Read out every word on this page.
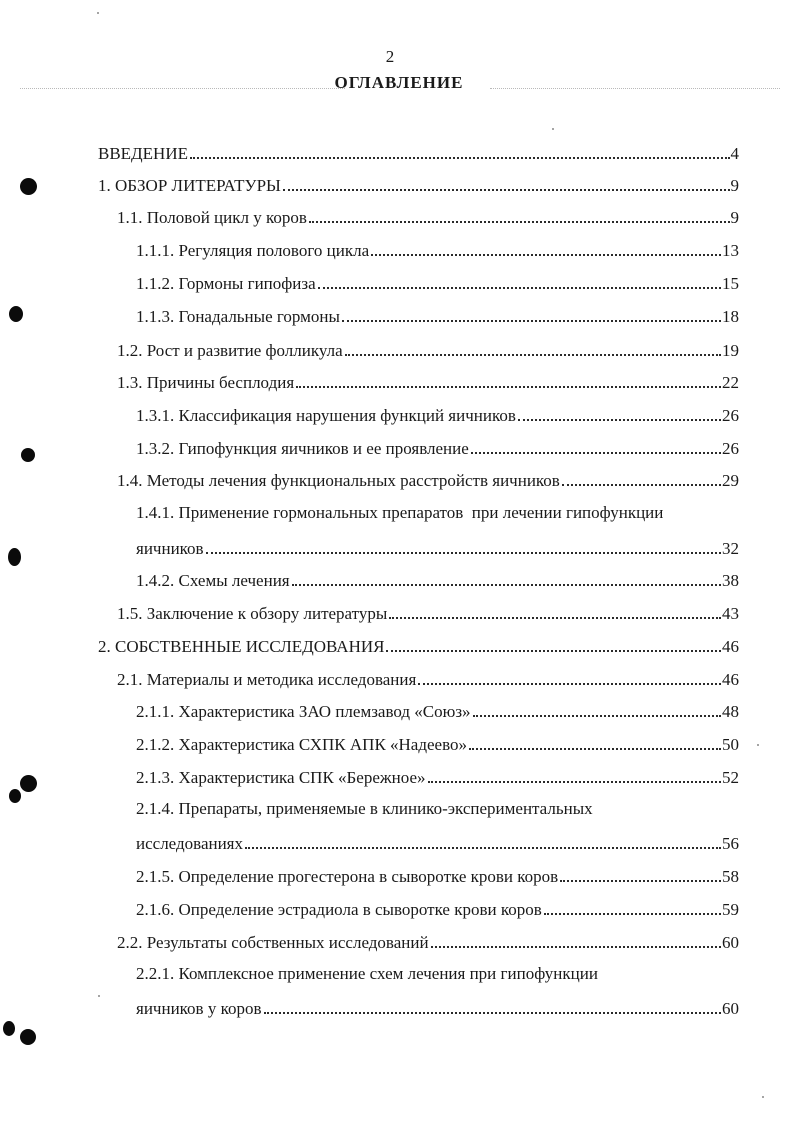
2
ОГЛАВЛЕНИЕ
ВВЕДЕНИЕ	4
1. ОБЗОР ЛИТЕРАТУРЫ	9
1.1. Половой цикл у коров	9
1.1.1. Регуляция полового цикла	13
1.1.2. Гормоны гипофиза	15
1.1.3. Гонадальные гормоны	18
1.2. Рост и развитие фолликула	19
1.3. Причины бесплодия	22
1.3.1. Классификация нарушения функций яичников	26
1.3.2. Гипофункция яичников и ее проявление	26
1.4. Методы лечения функциональных расстройств яичников	29
1.4.1. Применение гормональных препаратов  при лечении гипофункции
яичников	32
1.4.2. Схемы лечения	38
1.5. Заключение к обзору литературы	43
2. СОБСТВЕННЫЕ ИССЛЕДОВАНИЯ	46
2.1. Материалы и методика исследования	46
2.1.1. Характеристика ЗАО племзавод «Союз»	48
2.1.2. Характеристика СХПК АПК «Надеево»	50
2.1.3. Характеристика СПК «Бережное»	52
2.1.4. Препараты, применяемые в клинико-экспериментальных
исследованиях	56
2.1.5. Определение прогестерона в сыворотке крови коров	58
2.1.6. Определение эстрадиола в сыворотке крови коров	59
2.2. Результаты собственных исследований	60
2.2.1. Комплексное применение схем лечения при гипофункции
яичников у коров	60
